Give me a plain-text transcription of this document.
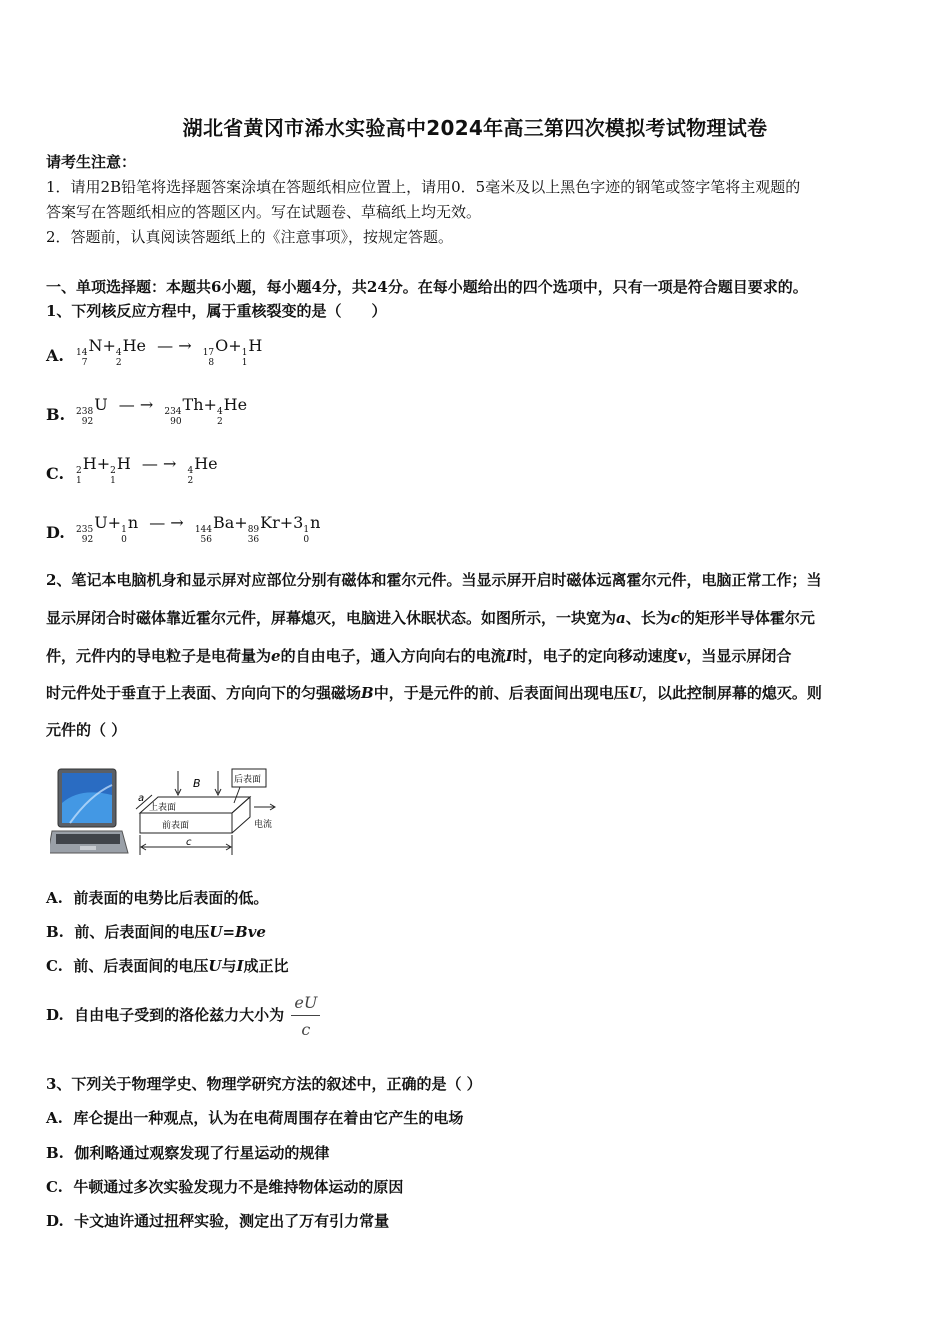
湖北省黄冈市浠水实验高中2024年高三第四次模拟考试物理试卷
请考生注意：
1．请用2B铅笔将选择题答案涂填在答题纸相应位置上，请用0．5毫米及以上黑色字迹的钢笔或签字笔将主观题的
答案写在答题纸相应的答题区内。写在试题卷、草稿纸上均无效。
2．答题前，认真阅读答题纸上的《注意事项》，按规定答题。
一、单项选择题：本题共6小题，每小题4分，共24分。在每小题给出的四个选项中，只有一项是符合题目要求的。
1、下列核反应方程中，属于重核裂变的是（　　）
A. 14
7
N+ 4
2
He — → 17
8
O+ 1
1
H
B. 238
92
U — → 234
90
Th+ 4
2
He
C. 2
1
H+ 2
1
H — → 4
2
He
D. 235
92
U+ 1
0
n — → 144
56
Ba+ 89
36
Kr+3 1
0
n
2、笔记本电脑机身和显示屏对应部位分别有磁体和霍尔元件。当显示屏开启时磁体远离霍尔元件，电脑正常工作；当
显示屏闭合时磁体靠近霍尔元件，屏幕熄灭，电脑进入休眠状态。如图所示，一块宽为a、长为c的矩形半导体霍尔元
件，元件内的导电粒子是电荷量为e的自由电子，通入方向向右的电流I时，电子的定向移动速度v，当显示屏闭合
时元件处于垂直于上表面、方向向下的匀强磁场B中，于是元件的前、后表面间出现电压U，以此控制屏幕的熄灭。则
元件的（ ）
B	后表面
上表面
前表面	电流
a
c
A. 前表面的电势比后表面的低。
B. 前、后表面间的电压U=Bve
C. 前、后表面间的电压U与I成正比
D. 自由电子受到的洛伦兹力大小为 $\frac{eU}{c}$
3、下列关于物理学史、物理学研究方法的叙述中，正确的是（ ）
A. 库仑提出一种观点，认为在电荷周围存在着由它产生的电场
B. 伽利略通过观察发现了行星运动的规律
C. 牛顿通过多次实验发现力不是维持物体运动的原因
D. 卡文迪许通过扭秤实验，测定出了万有引力常量
